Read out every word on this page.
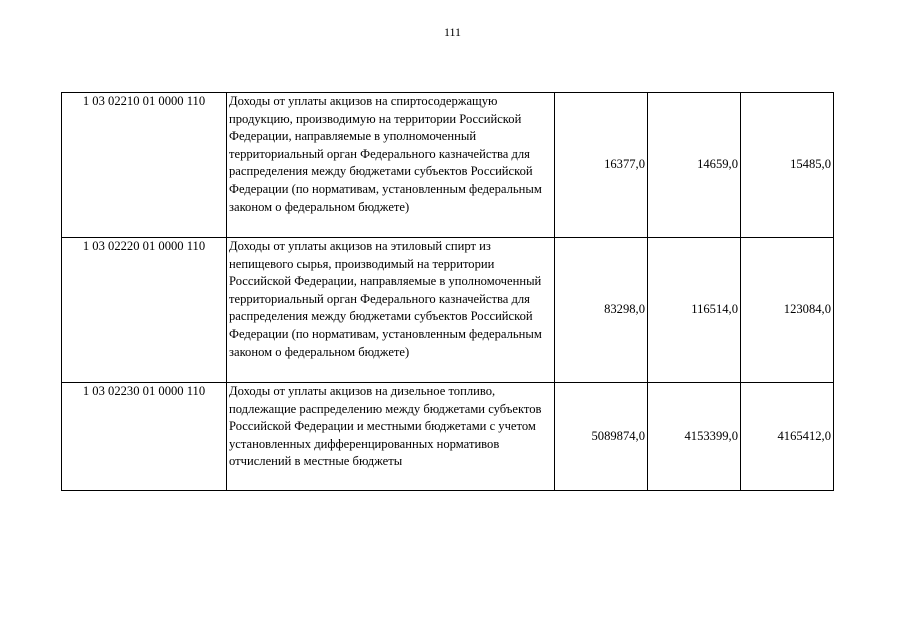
111
1 03 02210 01 0000 110	Доходы от уплаты акцизов на спиртосодержащую продукцию, производимую на территории Российской Федерации, направляемые в уполномоченный территориальный орган Федерального казначейства для распределения между бюджетами субъектов Российской Федерации (по нормативам, установленным федеральным законом о федеральном бюджете)	16377,0	14659,0	15485,0
1 03 02220 01 0000 110	Доходы от уплаты акцизов на этиловый спирт из непищевого сырья, производимый на территории Российской Федерации, направляемые в уполномоченный территориальный орган Федерального казначейства для распределения между бюджетами субъектов Российской Федерации (по нормативам, установленным федеральным законом о федеральном бюджете)	83298,0	116514,0	123084,0
1 03 02230 01 0000 110	Доходы от уплаты акцизов на дизельное топливо, подлежащие распределению между бюджетами субъектов Российской Федерации и местными бюджетами с учетом установленных дифференцированных нормативов отчислений в местные бюджеты	5089874,0	4153399,0	4165412,0
